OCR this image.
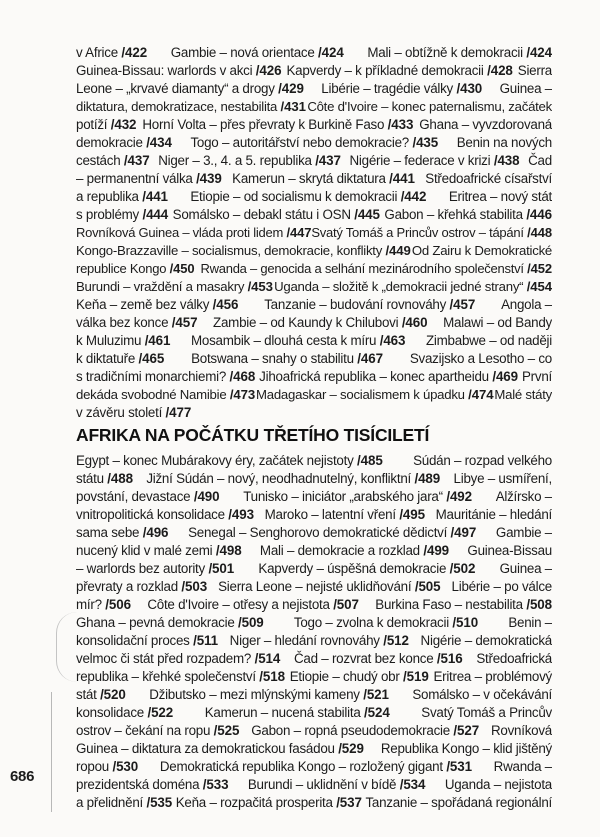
v Africe /422 Gambie – nová orientace /424 Mali – obtížně k demokracii /424
Guinea-Bissau: warlords v akci /426 Kapverdy – k příkladné demokracii /428 Sierra
Leone – „krvavé diamanty“ a drogy /429 Libérie – tragédie války /430 Guinea –
diktatura, demokratizace, nestabilita /431 Côte d'Ivoire – konec paternalismu, začátek
potíží /432 Horní Volta – přes převraty k Burkině Faso /433 Ghana – vyvzdorovaná
demokracie /434 Togo – autoritářství nebo demokracie? /435 Benin na nových
cestách /437 Niger – 3., 4. a 5. republika /437 Nigérie – federace v krizi /438 Čad
– permanentní válka /439 Kamerun – skrytá diktatura /441 Středoafrické císařství
a republika /441 Etiopie – od socialismu k demokracii /442 Eritrea – nový stát
s problémy /444 Somálsko – debakl státu i OSN /445 Gabon – křehká stabilita /446
Rovníková Guinea – vláda proti lidem /447 Svatý Tomáš a Princův ostrov – tápání /448
Kongo-Brazzaville – socialismus, demokracie, konflikty /449 Od Zairu k Demokratické
republice Kongo /450 Rwanda – genocida a selhání mezinárodního společenství /452
Burundi – vraždění a masakry /453 Uganda – složitě k „demokracii jedné strany“ /454
Keňa – země bez války /456 Tanzanie – budování rovnováhy /457 Angola –
válka bez konce /457 Zambie – od Kaundy k Chilubovi /460 Malawi – od Bandy
k Muluzimu /461 Mosambik – dlouhá cesta k míru /463 Zimbabwe – od naději
k diktatuře /465 Botswana – snahy o stabilitu /467 Svazijsko a Lesotho – co
s tradičními monarchiemi? /468 Jihoafrická republika – konec apartheidu /469 První
dekáda svobodné Namibie /473 Madagaskar – socialismem k úpadku /474 Malé státy
v závěru století /477
AFRIKA NA POČÁTKU TŘETÍHO TISÍCILETÍ
Egypt – konec Mubárakovy éry, začátek nejistoty /485 Súdán – rozpad velkého
státu /488 Jižní Súdán – nový, neodhadnutelný, konfliktní /489 Libye – usmíření,
povstání, devastace /490 Tunisko – iniciátor „arabského jara“ /492 Alžírsko –
vnitropolitická konsolidace /493 Maroko – latentní vření /495 Mauritánie – hledání
sama sebe /496 Senegal – Senghorovo demokratické dědictví /497 Gambie –
nucený klid v malé zemi /498 Mali – demokracie a rozklad /499 Guinea-Bissau
– warlords bez autority /501 Kapverdy – úspěšná demokracie /502 Guinea –
převraty a rozklad /503 Sierra Leone – nejisté uklidňování /505 Libérie – po válce
mír? /506 Côte d'Ivoire – otřesy a nejistota /507 Burkina Faso – nestabilita /508
Ghana – pevná demokracie /509 Togo – zvolna k demokracii /510 Benin –
konsolidační proces /511 Niger – hledání rovnováhy /512 Nigérie – demokratická
velmoc či stát před rozpadem? /514 Čad – rozvrat bez konce /516 Středoafrická
republika – křehké společenství /518 Etiopie – chudý obr /519 Eritrea – problémový
stát /520 Džibutsko – mezi mlýnskými kameny /521 Somálsko – v očekávání
konsolidace /522 Kamerun – nucená stabilita /524 Svatý Tomáš a Princův
ostrov – čekání na ropu /525 Gabon – ropná pseudodemokracie /527 Rovníková
Guinea – diktatura za demokratickou fasádou /529 Republika Kongo – klid jištěný
ropou /530 Demokratická republika Kongo – rozložený gigant /531 Rwanda –
prezidentská doména /533 Burundi – uklidnění v bídě /534 Uganda – nejistota
a přelidnění /535 Keňa – rozpačitá prosperita /537 Tanzanie – spořádaná regionální
686
